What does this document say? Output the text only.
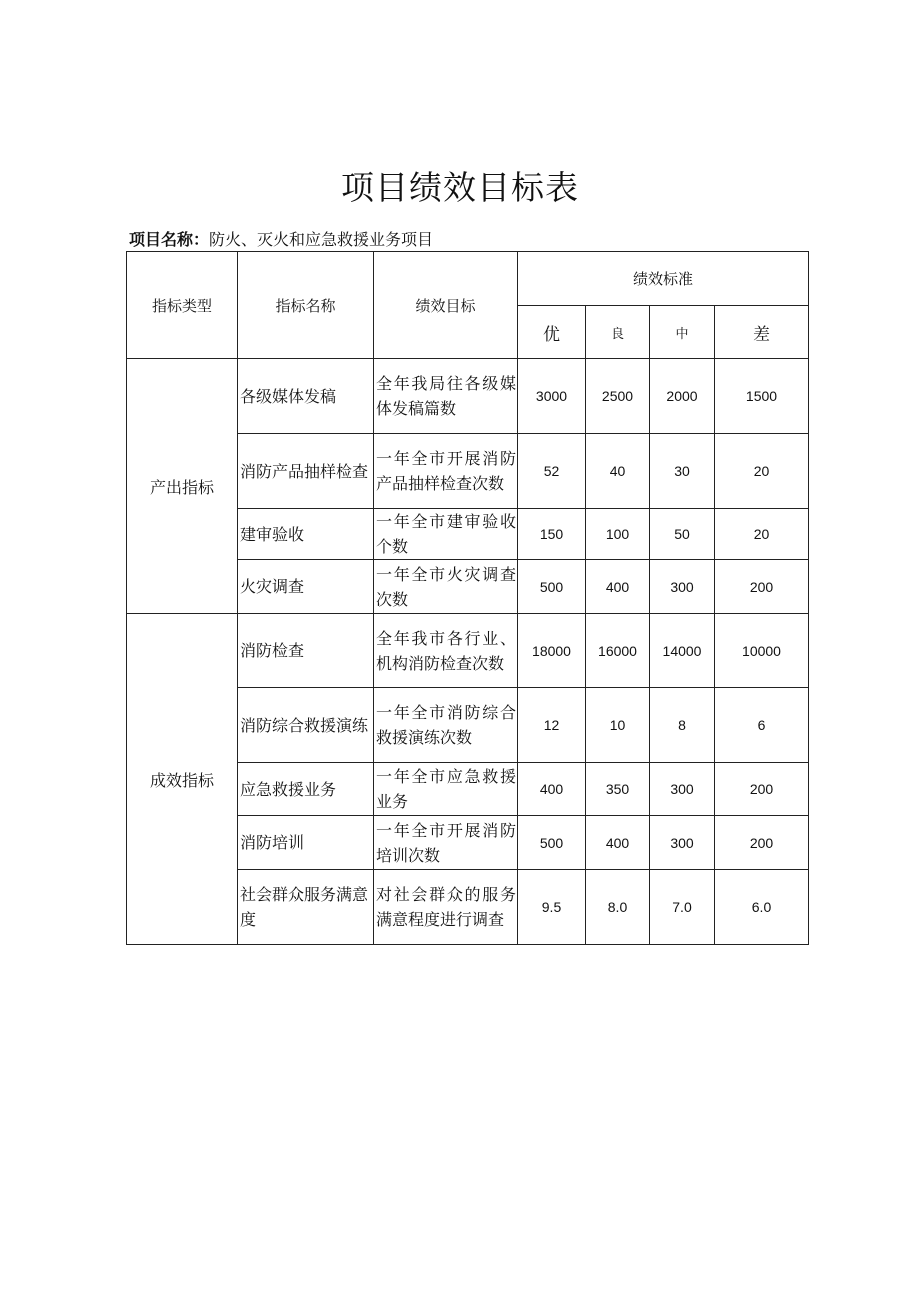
项目绩效目标表
项目名称：防火、灭火和应急救援业务项目
指标类型	指标名称	绩效目标	绩效标准			
			优	良	中	差
产出指标	各级媒体发稿	全年我局往各级媒体发稿篇数	3000	2500	2000	1500
	消防产品抽样检查	一年全市开展消防产品抽样检查次数	52	40	30	20
	建审验收	一年全市建审验收个数	150	100	50	20
	火灾调查	一年全市火灾调查次数	500	400	300	200
成效指标	消防检查	全年我市各行业、机构消防检查次数	18000	16000	14000	10000
	消防综合救援演练	一年全市消防综合救援演练次数	12	10	8	6
	应急救援业务	一年全市应急救援业务	400	350	300	200
	消防培训	一年全市开展消防培训次数	500	400	300	200
	社会群众服务满意度	对社会群众的服务满意程度进行调查	9.5	8.0	7.0	6.0
